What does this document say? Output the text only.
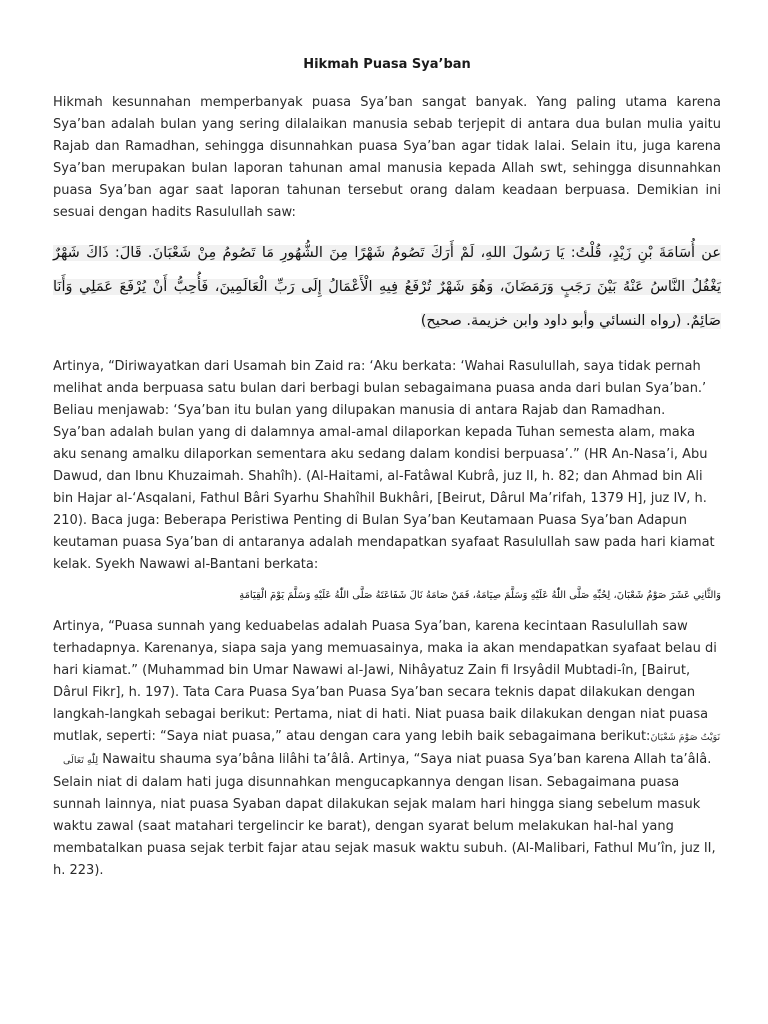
Hikmah Puasa Sya’ban

Hikmah kesunnahan memperbanyak puasa Sya’ban sangat banyak. Yang paling utama karena Sya’ban adalah bulan yang sering dilalaikan manusia sebab terjepit di antara dua bulan mulia yaitu Rajab dan Ramadhan, sehingga disunnahkan puasa Sya’ban agar tidak lalai. Selain itu, juga karena Sya’ban merupakan bulan laporan tahunan amal manusia kepada Allah swt, sehingga disunnahkan puasa Sya’ban agar saat laporan tahunan tersebut orang dalam keadaan berpuasa. Demikian ini sesuai dengan hadits Rasulullah saw:

عن أُسَامَةَ بْنِ زَيْدٍ، قُلْتُ: يَا رَسُولَ اللهِ، لَمْ أَرَكَ تَصُومُ شَهْرًا مِنَ الشُّهُورِ مَا تَصُومُ مِنْ شَعْبَانَ. قَالَ: ذَاكَ شَهْرٌ يَغْفُلُ النَّاسُ عَنْهُ بَيْنَ رَجَبٍ وَرَمَضَانَ، وَهُوَ شَهْرٌ تُرْفَعُ فِيهِ الْأَعْمَالُ إِلَى رَبِّ الْعَالَمِينَ، فَأُحِبُّ أَنْ يُرْفَعَ عَمَلِي وَأَنَا صَائِمٌ. (رواه النسائي وأبو داود وابن خزيمة. صحيح)

Artinya, “Diriwayatkan dari Usamah bin Zaid ra: ‘Aku berkata: ‘Wahai Rasulullah, saya tidak pernah melihat anda berpuasa satu bulan dari berbagi bulan sebagaimana puasa anda dari bulan Sya’ban.’ Beliau menjawab: ‘Sya’ban itu bulan yang dilupakan manusia di antara Rajab dan Ramadhan. Sya’ban adalah bulan yang di dalamnya amal-amal dilaporkan kepada Tuhan semesta alam, maka aku senang amalku dilaporkan sementara aku sedang dalam kondisi berpuasa’.” (HR An-Nasa’i, Abu Dawud, dan Ibnu Khuzaimah. Shahîh). (Al-Haitami, al-Fatâwal Kubrâ, juz II, h. 82; dan Ahmad bin Ali bin Hajar al-‘Asqalani, Fathul Bâri Syarhu Shahîhil Bukhâri, [Beirut, Dârul Ma’rifah, 1379 H], juz IV, h. 210). Baca juga: Beberapa Peristiwa Penting di Bulan Sya’ban Keutamaan Puasa Sya’ban Adapun keutaman puasa Sya’ban di antaranya adalah mendapatkan syafaat Rasulullah saw pada hari kiamat kelak. Syekh Nawawi al-Bantani berkata:

وَالثَّانِي عَشَرَ صَوْمُ شَعْبَانَ، لِحُبِّهِ صَلَّى اللّٰهُ عَلَيْهِ وَسَلَّمَ صِيَامَهُ، فَمَنْ صَامَهُ نَالَ شَفَاعَتَهُ صَلَّى اللّٰهُ عَلَيْهِ وَسَلَّمَ يَوْمَ الْقِيَامَةِ

Artinya, “Puasa sunnah yang keduabelas adalah Puasa Sya’ban, karena kecintaan Rasulullah saw terhadapnya. Karenanya, siapa saja yang memuasainya, maka ia akan mendapatkan syafaat belau di hari kiamat.” (Muhammad bin Umar Nawawi al-Jawi, Nihâyatuz Zain fi Irsyâdil Mubtadi-în, [Bairut, Dârul Fikr], h. 197). Tata Cara Puasa Sya’ban Puasa Sya’ban secara teknis dapat dilakukan dengan langkah-langkah sebagai berikut: Pertama, niat di hati. Niat puasa baik dilakukan dengan niat puasa mutlak, seperti: “Saya niat puasa,” atau dengan cara yang lebih baik sebagaimana berikut:نَوَيْتُ صَوْمَ شَعْبَانَ لِلّٰهِ تَعَالَى Nawaitu shauma sya’bâna lilâhi ta’âlâ. Artinya, “Saya niat puasa Sya’ban karena Allah ta’âlâ. Selain niat di dalam hati juga disunnahkan mengucapkannya dengan lisan. Sebagaimana puasa sunnah lainnya, niat puasa Syaban dapat dilakukan sejak malam hari hingga siang sebelum masuk waktu zawal (saat matahari tergelincir ke barat), dengan syarat belum melakukan hal-hal yang membatalkan puasa sejak terbit fajar atau sejak masuk waktu subuh. (Al-Malibari, Fathul Mu’în, juz II, h. 223).
